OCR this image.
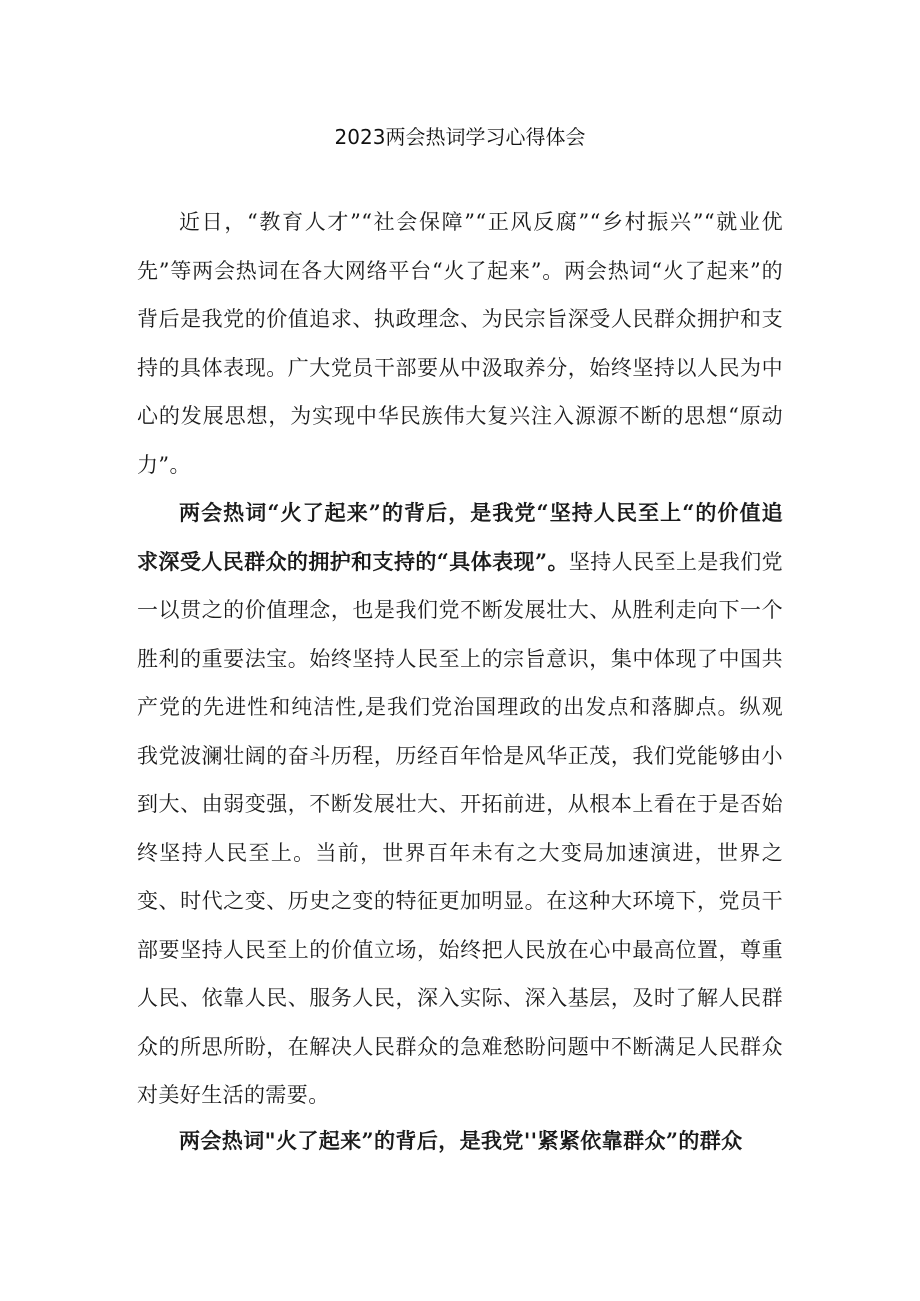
2023两会热词学习心得体会

近日，“教育人才”“社会保障”“正风反腐”“乡村振兴”“就业优先”等两会热词在各大网络平台“火了起来”。两会热词“火了起来”的背后是我党的价值追求、执政理念、为民宗旨深受人民群众拥护和支持的具体表现。广大党员干部要从中汲取养分，始终坚持以人民为中心的发展思想，为实现中华民族伟大复兴注入源源不断的思想“原动力”。

两会热词“火了起来”的背后，是我党“坚持人民至上“的价值追求深受人民群众的拥护和支持的“具体表现”。坚持人民至上是我们党一以贯之的价值理念，也是我们党不断发展壮大、从胜利走向下一个胜利的重要法宝。始终坚持人民至上的宗旨意识，集中体现了中国共产党的先进性和纯洁性,是我们党治国理政的出发点和落脚点。纵观我党波澜壮阔的奋斗历程，历经百年恰是风华正茂，我们党能够由小到大、由弱变强，不断发展壮大、开拓前进，从根本上看在于是否始终坚持人民至上。当前，世界百年未有之大变局加速演进，世界之变、时代之变、历史之变的特征更加明显。在这种大环境下，党员干部要坚持人民至上的价值立场，始终把人民放在心中最高位置，尊重人民、依靠人民、服务人民，深入实际、深入基层，及时了解人民群众的所思所盼，在解决人民群众的急难愁盼问题中不断满足人民群众对美好生活的需要。

两会热词"火了起来”的背后，是我党''紧紧依靠群众”的群众
